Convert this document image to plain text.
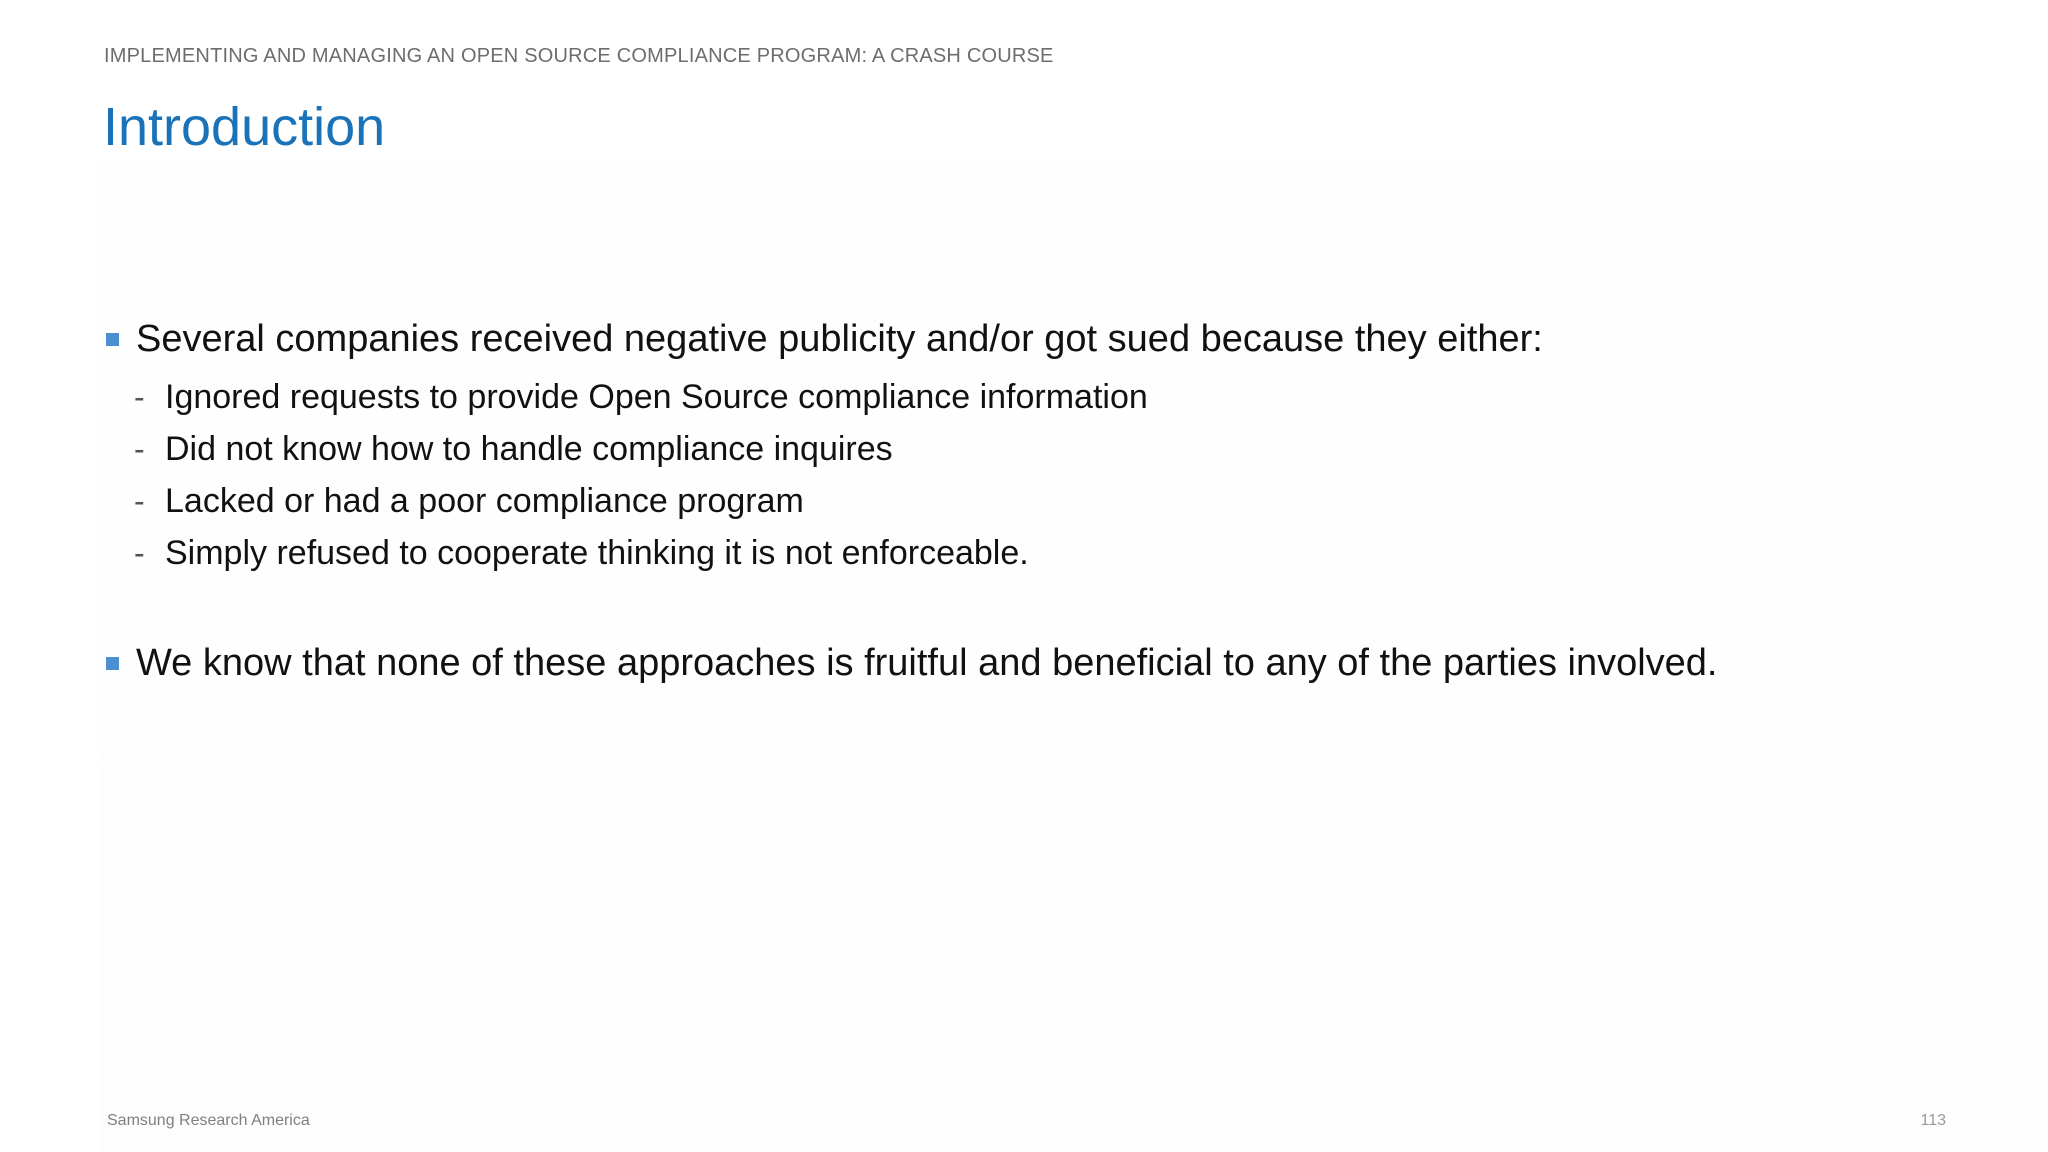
IMPLEMENTING AND MANAGING AN OPEN SOURCE COMPLIANCE PROGRAM: A CRASH COURSE
Introduction
Several companies received negative publicity and/or got sued because they either:
- Ignored requests to provide Open Source compliance information
- Did not know how to handle compliance inquires
- Lacked or had a poor compliance program
- Simply refused to cooperate thinking it is not enforceable.
We know that none of these approaches is fruitful and beneficial to any of the parties involved.
Samsung Research America	113
